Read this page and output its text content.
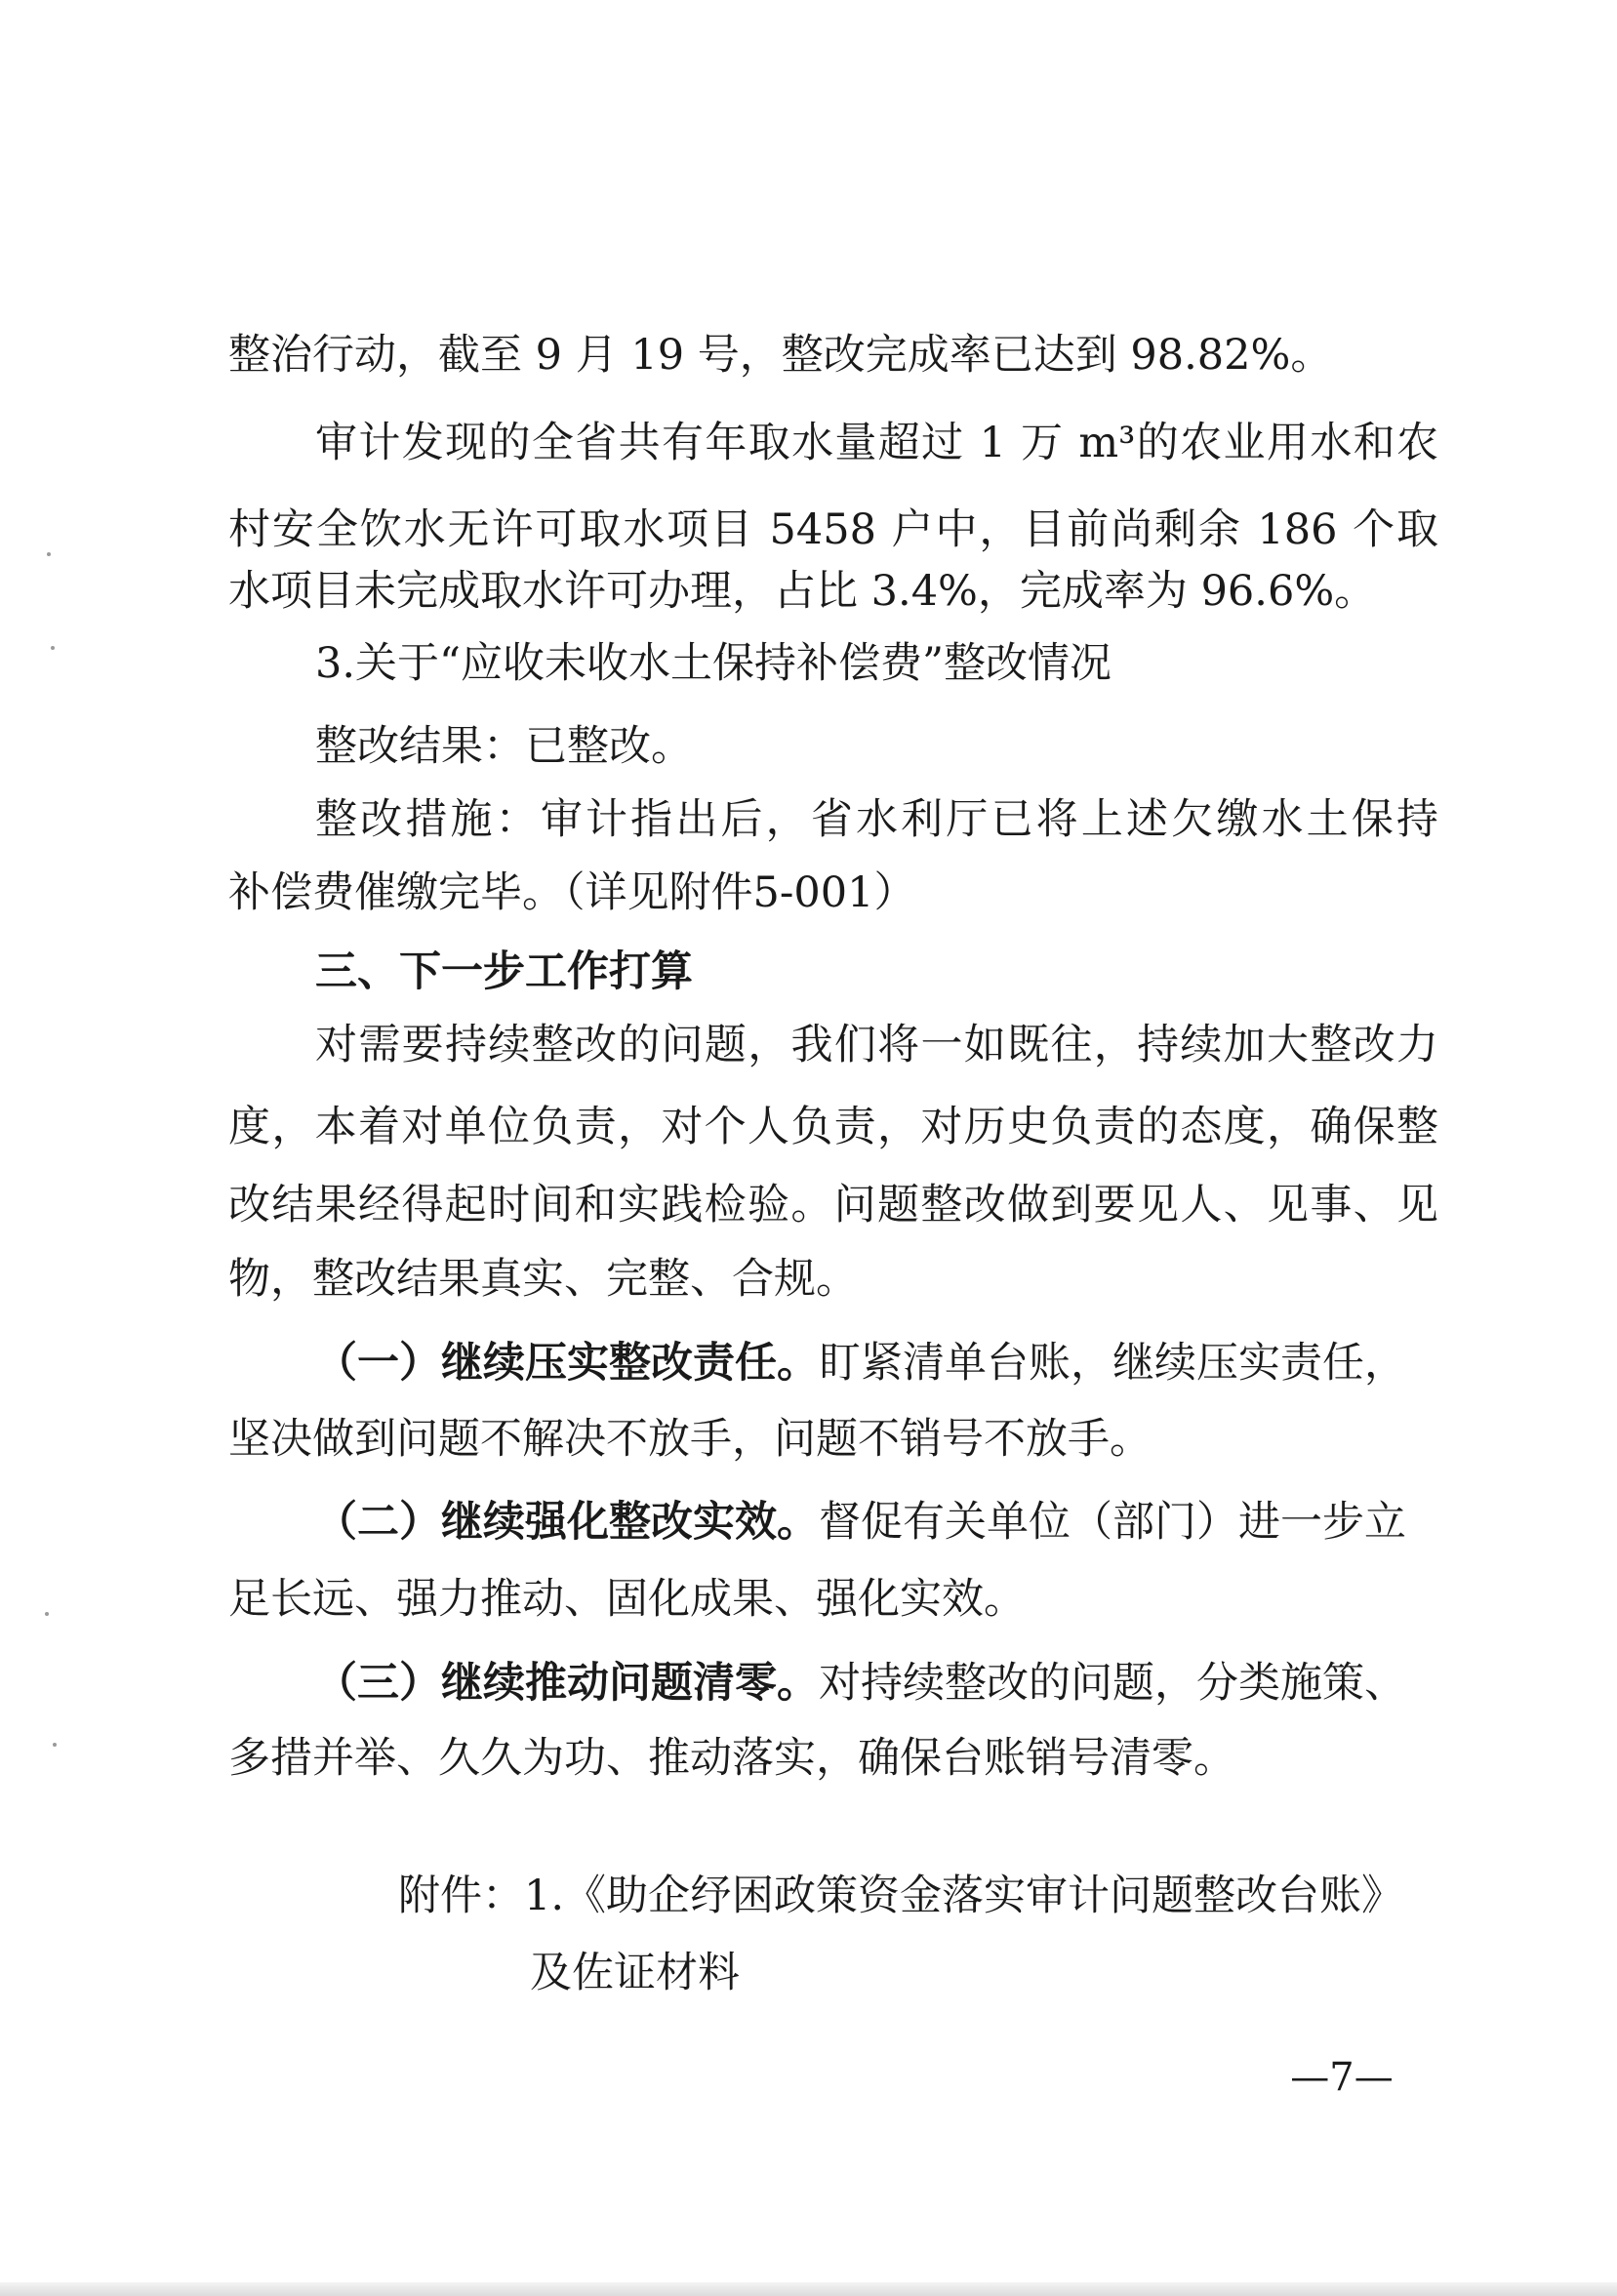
整治行动，截至 9 月 19 号，整改完成率已达到 98.82%。
审计发现的全省共有年取水量超过 1 万 m³的农业用水和农
村安全饮水无许可取水项目 5458 户中，目前尚剩余 186 个取
水项目未完成取水许可办理，占比 3.4%，完成率为 96.6%。
3.关于“应收未收水土保持补偿费”整改情况
整改结果：已整改。
整改措施：审计指出后，省水利厅已将上述欠缴水土保持
补偿费催缴完毕。（详见附件5-001）
三、下一步工作打算
对需要持续整改的问题，我们将一如既往，持续加大整改力
度，本着对单位负责，对个人负责，对历史负责的态度，确保整
改结果经得起时间和实践检验。问题整改做到要见人、见事、见
物，整改结果真实、完整、合规。
（一）继续压实整改责任。盯紧清单台账，继续压实责任，
坚决做到问题不解决不放手，问题不销号不放手。
（二）继续强化整改实效。督促有关单位（部门）进一步立
足长远、强力推动、固化成果、强化实效。
（三）继续推动问题清零。对持续整改的问题，分类施策、
多措并举、久久为功、推动落实，确保台账销号清零。
附件：1.《助企纾困政策资金落实审计问题整改台账》
及佐证材料
—7—
